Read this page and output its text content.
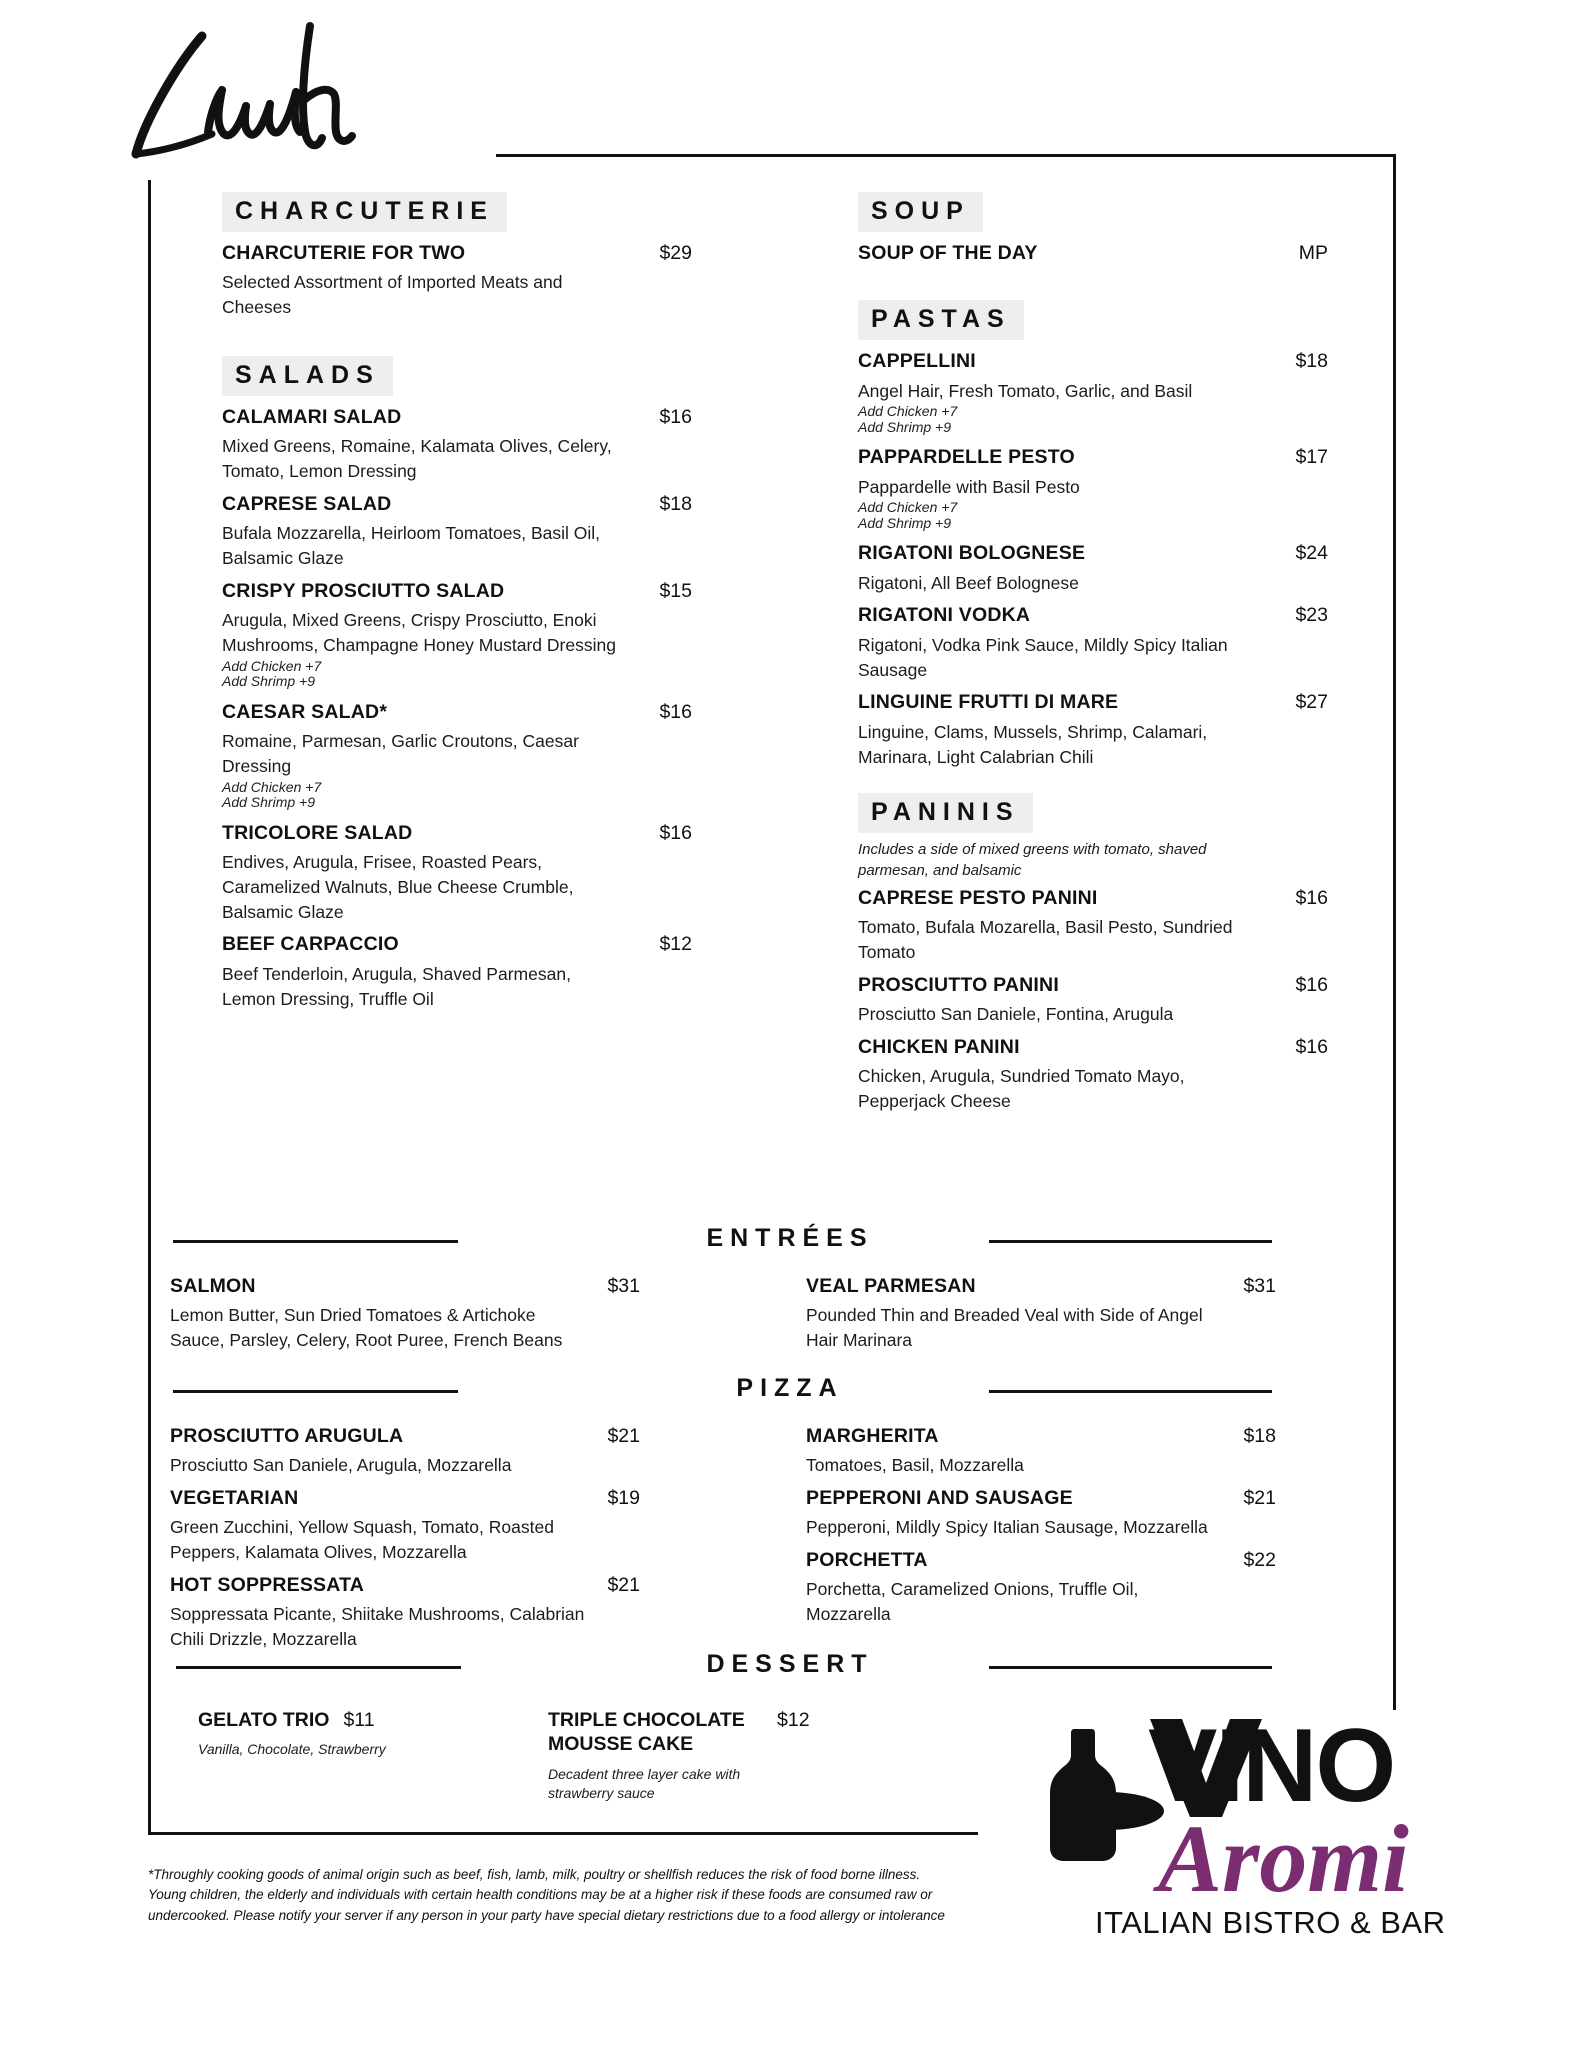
CHARCUTERIE
CHARCUTERIE FOR TWO	$29
Selected Assortment of Imported Meats and Cheeses
SALADS
CALAMARI SALAD	$16
Mixed Greens, Romaine, Kalamata Olives, Celery, Tomato, Lemon Dressing
CAPRESE SALAD	$18
Bufala Mozzarella, Heirloom Tomatoes, Basil Oil, Balsamic Glaze
CRISPY PROSCIUTTO SALAD	$15
Arugula, Mixed Greens, Crispy Prosciutto, Enoki Mushrooms, Champagne Honey Mustard Dressing
Add Chicken +7
Add Shrimp +9
CAESAR SALAD*	$16
Romaine, Parmesan, Garlic Croutons, Caesar Dressing
Add Chicken +7
Add Shrimp +9
TRICOLORE SALAD	$16
Endives, Arugula, Frisee, Roasted Pears, Caramelized Walnuts, Blue Cheese Crumble, Balsamic Glaze
BEEF CARPACCIO	$12
Beef Tenderloin, Arugula, Shaved Parmesan, Lemon Dressing, Truffle Oil
SOUP
SOUP OF THE DAY	MP
PASTAS
CAPPELLINI	$18
Angel Hair, Fresh Tomato, Garlic, and Basil
Add Chicken +7
Add Shrimp +9
PAPPARDELLE PESTO	$17
Pappardelle with Basil Pesto
Add Chicken +7
Add Shrimp +9
RIGATONI BOLOGNESE	$24
Rigatoni, All Beef Bolognese
RIGATONI VODKA	$23
Rigatoni, Vodka Pink Sauce, Mildly Spicy Italian Sausage
LINGUINE FRUTTI DI MARE	$27
Linguine, Clams, Mussels, Shrimp, Calamari, Marinara, Light Calabrian Chili
PANINIS
Includes a side of mixed greens with tomato, shaved parmesan, and balsamic
CAPRESE PESTO PANINI	$16
Tomato, Bufala Mozarella, Basil Pesto, Sundried Tomato
PROSCIUTTO PANINI	$16
Prosciutto San Daniele, Fontina, Arugula
CHICKEN PANINI	$16
Chicken, Arugula, Sundried Tomato Mayo, Pepperjack Cheese
ENTRÉES
SALMON	$31
Lemon Butter, Sun Dried Tomatoes & Artichoke Sauce, Parsley, Celery, Root Puree, French Beans
VEAL PARMESAN	$31
Pounded Thin and Breaded Veal with Side of Angel Hair Marinara
PIZZA
PROSCIUTTO ARUGULA	$21
Prosciutto San Daniele, Arugula, Mozzarella
VEGETARIAN	$19
Green Zucchini, Yellow Squash, Tomato, Roasted Peppers, Kalamata Olives, Mozzarella
HOT SOPPRESSATA	$21
Soppressata Picante, Shiitake Mushrooms, Calabrian Chili Drizzle, Mozzarella
MARGHERITA	$18
Tomatoes, Basil, Mozzarella
PEPPERONI AND SAUSAGE	$21
Pepperoni, Mildly Spicy Italian Sausage, Mozzarella
PORCHETTA	$22
Porchetta, Caramelized Onions, Truffle Oil, Mozzarella
DESSERT
GELATO TRIO $11
Vanilla, Chocolate, Strawberry
TRIPLE CHOCOLATE MOUSSE CAKE
$12
Decadent three layer cake with strawberry sauce
*Throughly cooking goods of animal origin such as beef, fish, lamb, milk, poultry or shellfish reduces the risk of food borne illness. Young children, the elderly and individuals with certain health conditions may be at a higher risk if these foods are consumed raw or undercooked. Please notify your server if any person in your party have special dietary restrictions due to a food allergy or intolerance
VINO
Aromi
ITALIAN BISTRO & BAR
